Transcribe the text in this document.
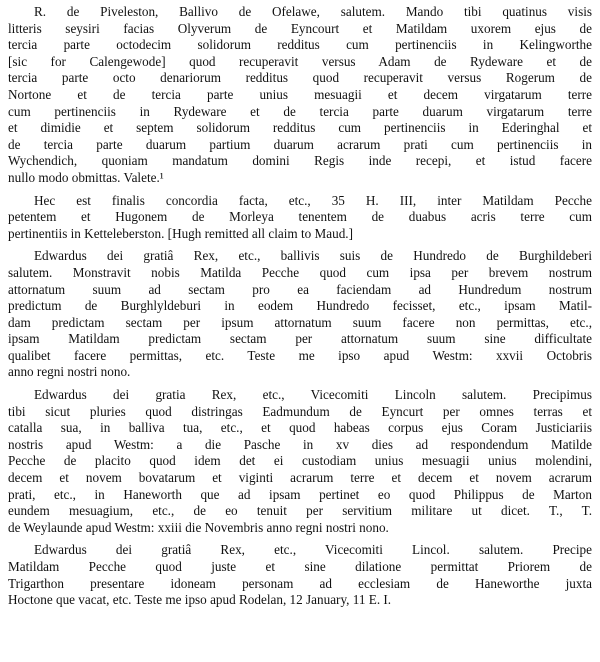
R. de Piveleston, Ballivo de Ofelawe, salutem. Mando tibi quatinus visis
litteris seysiri facias Olyverum de Eyncourt et Matildam uxorem ejus de
tercia parte octodecim solidorum redditus cum pertinenciis in Kelingworthe
[sic for Calengewode] quod recuperavit versus Adam de Rydeware et de
tercia parte octo denariorum redditus quod recuperavit versus Rogerum de
Nortone et de tercia parte unius mesuagii et decem virgatarum terre
cum pertinenciis in Rydeware et de tercia parte duarum virgatarum terre
et dimidie et septem solidorum redditus cum pertinenciis in Ederinghal et
de tercia parte duarum partium duarum acrarum prati cum pertinenciis in
Wychendich, quoniam mandatum domini Regis inde recepi, et istud facere
nullo modo obmittas. Valete.¹
Hec est finalis concordia facta, etc., 35 H. III, inter Matildam Pecche
petentem et Hugonem de Morleya tenentem de duabus acris terre cum
pertinentiis in Ketteleberston. [Hugh remitted all claim to Maud.]
Edwardus dei gratiâ Rex, etc., ballivis suis de Hundredo de Burghildeberi
salutem. Monstravit nobis Matilda Pecche quod cum ipsa per brevem nostrum
attornatum suum ad sectam pro ea faciendam ad Hundredum nostrum
predictum de Burghlyldeburi in eodem Hundredo fecisset, etc., ipsam Matil-
dam predictam sectam per ipsum attornatum suum facere non permittas, etc.,
ipsam Matildam predictam sectam per attornatum suum sine difficultate
qualibet facere permittas, etc. Teste me ipso apud Westm: xxvii Octobris
anno regni nostri nono.
Edwardus dei gratia Rex, etc., Vicecomiti Lincoln salutem. Precipimus
tibi sicut pluries quod distringas Eadmundum de Eyncurt per omnes terras et
catalla sua, in balliva tua, etc., et quod habeas corpus ejus Coram Justiciariis
nostris apud Westm: a die Pasche in xv dies ad respondendum Matilde
Pecche de placito quod idem det ei custodiam unius mesuagii unius molendini,
decem et novem bovatarum et viginti acrarum terre et decem et novem acrarum
prati, etc., in Haneworth que ad ipsam pertinet eo quod Philippus de Marton
eundem mesuagium, etc., de eo tenuit per servitium militare ut dicet. T., T.
de Weylaunde apud Westm: xxiii die Novembris anno regni nostri nono.
Edwardus dei gratiâ Rex, etc., Vicecomiti Lincol. salutem. Precipe
Matildam Pecche quod juste et sine dilatione permittat Priorem de
Trigarthon presentare idoneam personam ad ecclesiam de Haneworthe juxta
Hoctone que vacat, etc. Teste me ipso apud Rodelan, 12 January, 11 E. I.
